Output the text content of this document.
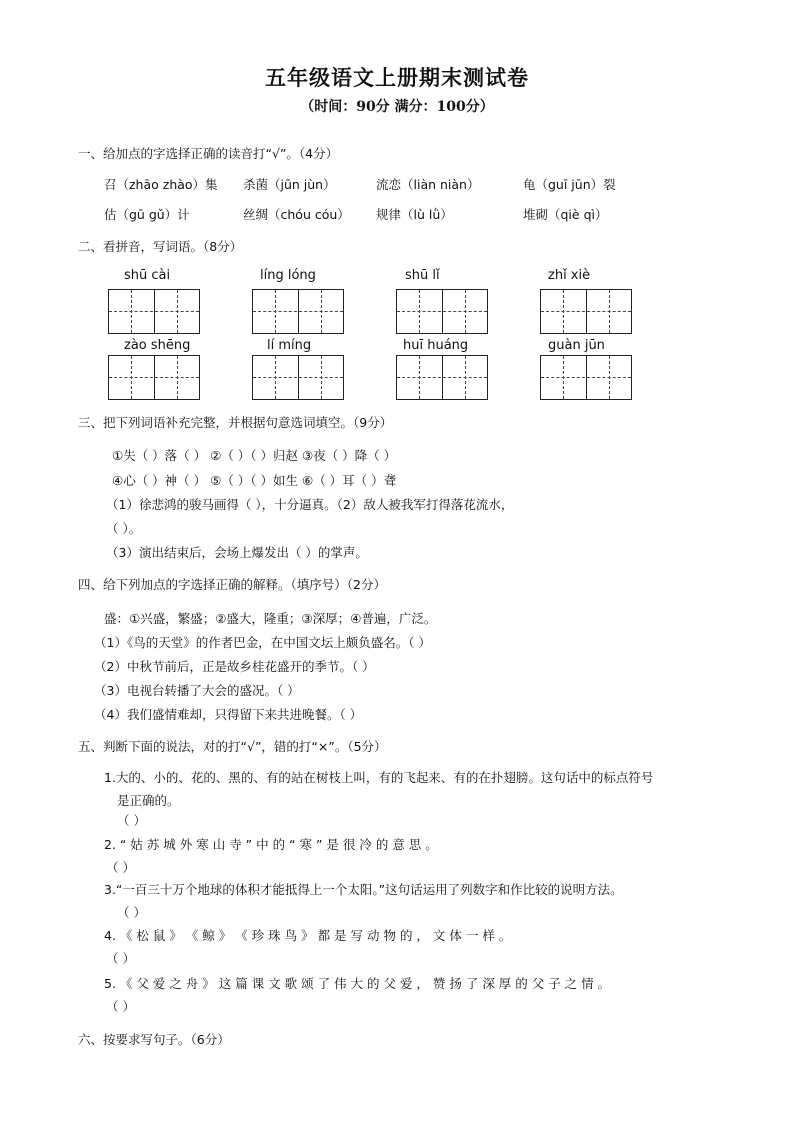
五年级语文上册期末测试卷
（时间：90分 满分：100分）
一、给加点的字选择正确的读音打“√”。（4分）
召（zhāo zhào）集 杀菌（jūn jùn）	流恋（liàn niàn）	龟（guī jūn）裂
估（gū gǔ）计	丝绸（chóu cóu） 规律（lù lǜ）	堆砌（qiè qì）
二、看拼音，写词语。（8分）
shū cài	líng lóng	shū lǐ	zhǐ xiè
zào shēng	lí míng	huī huáng	guàn jūn
三、把下列词语补充完整，并根据句意选词填空。（9分）
①失（ ）落（ ） ②（ ）（ ）归赵 ③夜（ ）降（ ）
④心（ ）神（ ） ⑤（ ）（ ）如生 ⑥（ ）耳（ ）聋
（1）徐悲鸿的骏马画得（ ），十分逼真。（2）敌人被我军打得落花流水，
（ ）。
（3）演出结束后，会场上爆发出（ ）的掌声。
四、给下列加点的字选择正确的解释。（填序号）（2分）
盛：①兴盛，繁盛；②盛大，隆重；③深厚；④普遍，广泛。
（1）《鸟的天堂》的作者巴金，在中国文坛上颇负盛名。（ ）
（2）中秋节前后，正是故乡桂花盛开的季节。（ ）
（3）电视台转播了大会的盛况。（ ）
（4）我们盛情难却，只得留下来共进晚餐。（ ）
五、判断下面的说法，对的打“√”，错的打“×”。（5分）
1.大的、小的、花的、黑的、有的站在树枝上叫，有的飞起来、有的在扑翅膀。这句话中的标点符号
是正确的。
（ ）
2. “ 姑 苏 城 外 寒 山 寺 ” 中 的 “ 寒 ” 是 很 冷 的 意 思 。
（ ）
3.“一百三十万个地球的体积才能抵得上一个太阳。”这句话运用了列数字和作比较的说明方法。
（ ）
4. 《 松 鼠 》 《 鲸 》 《 珍 珠 鸟 》 都 是 写 动 物 的 ， 文 体 一 样 。
（ ）
5. 《 父 爱 之 舟 》 这 篇 课 文 歌 颂 了 伟 大 的 父 爱 ， 赞 扬 了 深 厚 的 父 子 之 情 。
（ ）
六、按要求写句子。（6分）
